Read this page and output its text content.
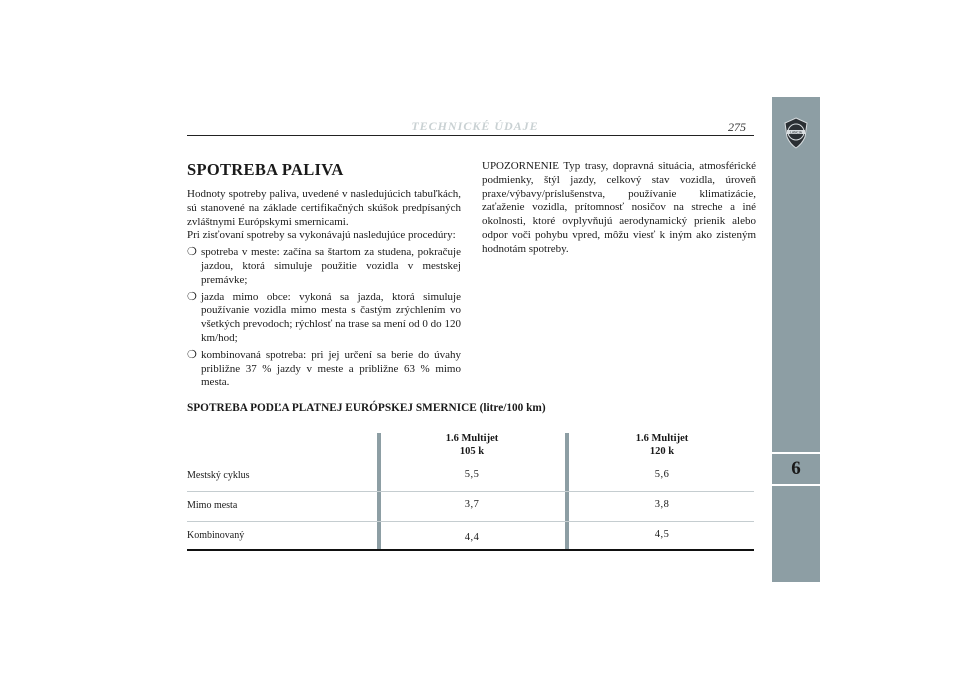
TECHNICKÉ ÚDAJE	275	LANCIA
6
SPOTREBA PALIVA

Hodnoty spotreby paliva, uvedené v nasledujúcich tabuľkách, sú stanovené na základe certifikačných skúšok predpísaných zvláštnymi Európskymi smernicami.

Pri zisťovaní spotreby sa vykonávajú nasledujúce procedúry:

❍ spotreba v meste: začína sa štartom za studena, pokračuje jazdou, ktorá simuluje použitie vozidla v mestskej premávke;
❍ jazda mimo obce: vykoná sa jazda, ktorá simuluje používanie vozidla mimo mesta s častým zrýchlením vo všetkých prevodoch; rýchlosť na trase sa mení od 0 do 120 km/hod;
❍ kombinovaná spotreba: pri jej určení sa berie do úvahy približne 37 % jazdy v meste a približne 63 % mimo mesta.

UPOZORNENIE Typ trasy, dopravná situácia, atmosférické podmienky, štýl jazdy, celkový stav vozidla, úroveň praxe/výbavy/príslušenstva, používanie klimatizácie, zaťaženie vozidla, prítomnosť nosičov na streche a iné okolnosti, ktoré ovplyvňujú aerodynamický prienik alebo odpor voči pohybu vpred, môžu viesť k iným ako zisteným hodnotám spotreby.

SPOTREBA PODĽA PLATNEJ EURÓPSKEJ SMERNICE (litre/100 km)
1.6 Multijet
105 k
1.6 Multijet
120 k
Mestský cyklus	5,5	5,6
Mimo mesta	3,7	3,8
Kombinovaný	4,4	4,5
